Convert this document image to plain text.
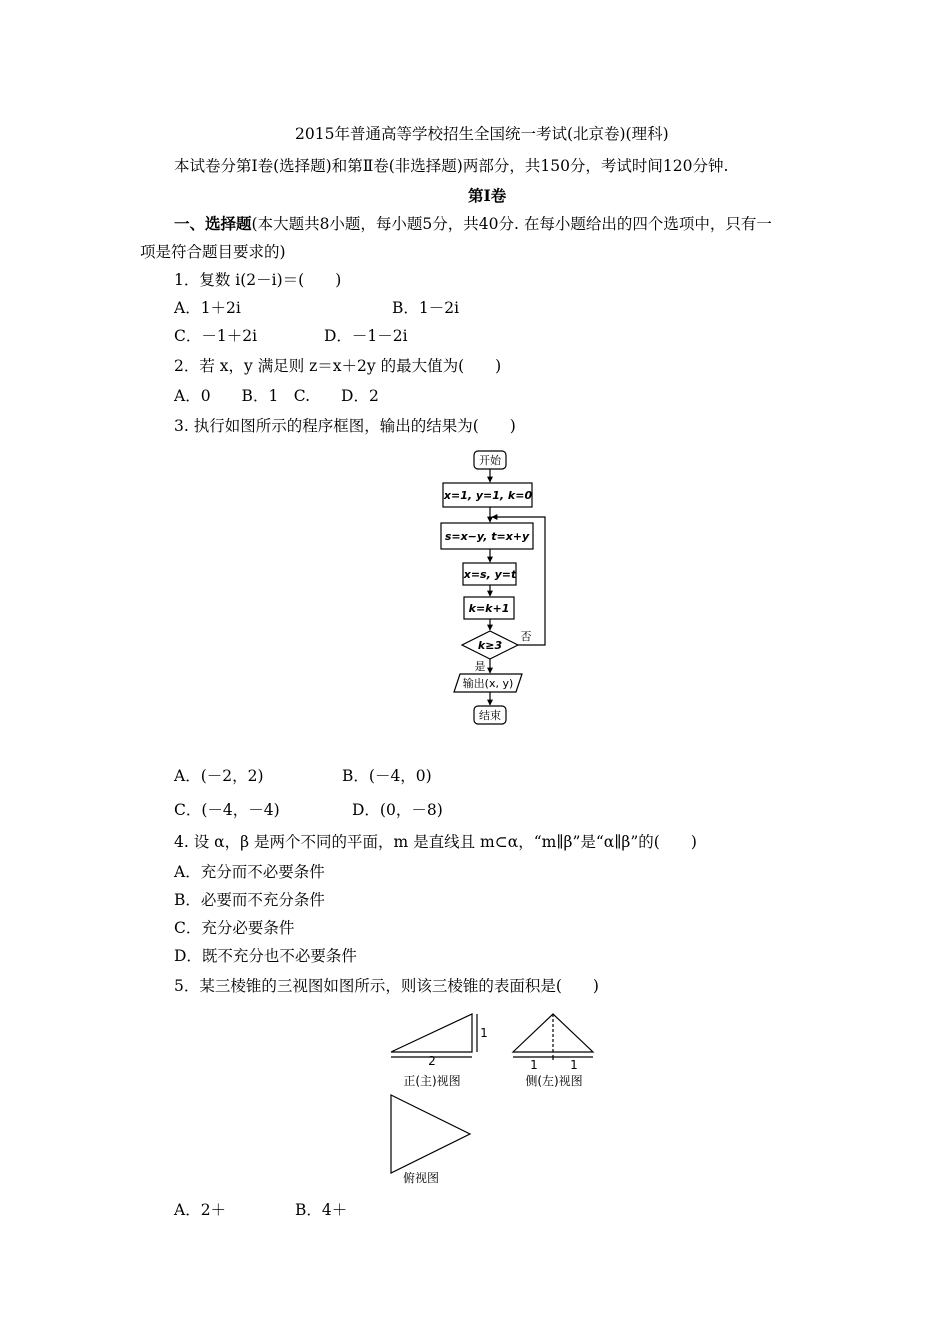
2015年普通高等学校招生全国统一考试(北京卷)(理科)
本试卷分第Ⅰ卷(选择题)和第Ⅱ卷(非选择题)两部分，共150分，考试时间120分钟.
第Ⅰ卷
一、选择题(本大题共8小题，每小题5分，共40分. 在每小题给出的四个选项中，只有一
项是符合题目要求的)
1．复数 i(2－i)＝(　　)
A．1＋2i	B．1－2i
C．－1＋2i	D．－1－2i
2．若 x，y 满足则 z＝x＋2y 的最大值为(　　)
A．0　　B．1　C.　　D．2
3. 执行如图所示的程序框图，输出的结果为(　　)
开始
x=1, y=1, k=0
s=x−y, t=x+y
x=s, y=t
k=k+1
k≥3
否
是
输出(x, y)
结束
A．(－2，2)	B．(－4，0)
C．(－4，－4)	D．(0，－8)
4. 设 α，β 是两个不同的平面，m 是直线且 m⊂α，“m∥β”是“α∥β”的(　　)
A．充分而不必要条件
B．必要而不充分条件
C．充分必要条件
D．既不充分也不必要条件
5．某三棱锥的三视图如图所示，则该三棱锥的表面积是(　　)
1
2	1	1
正(主)视图	侧(左)视图
俯视图
A．2＋	B．4＋
